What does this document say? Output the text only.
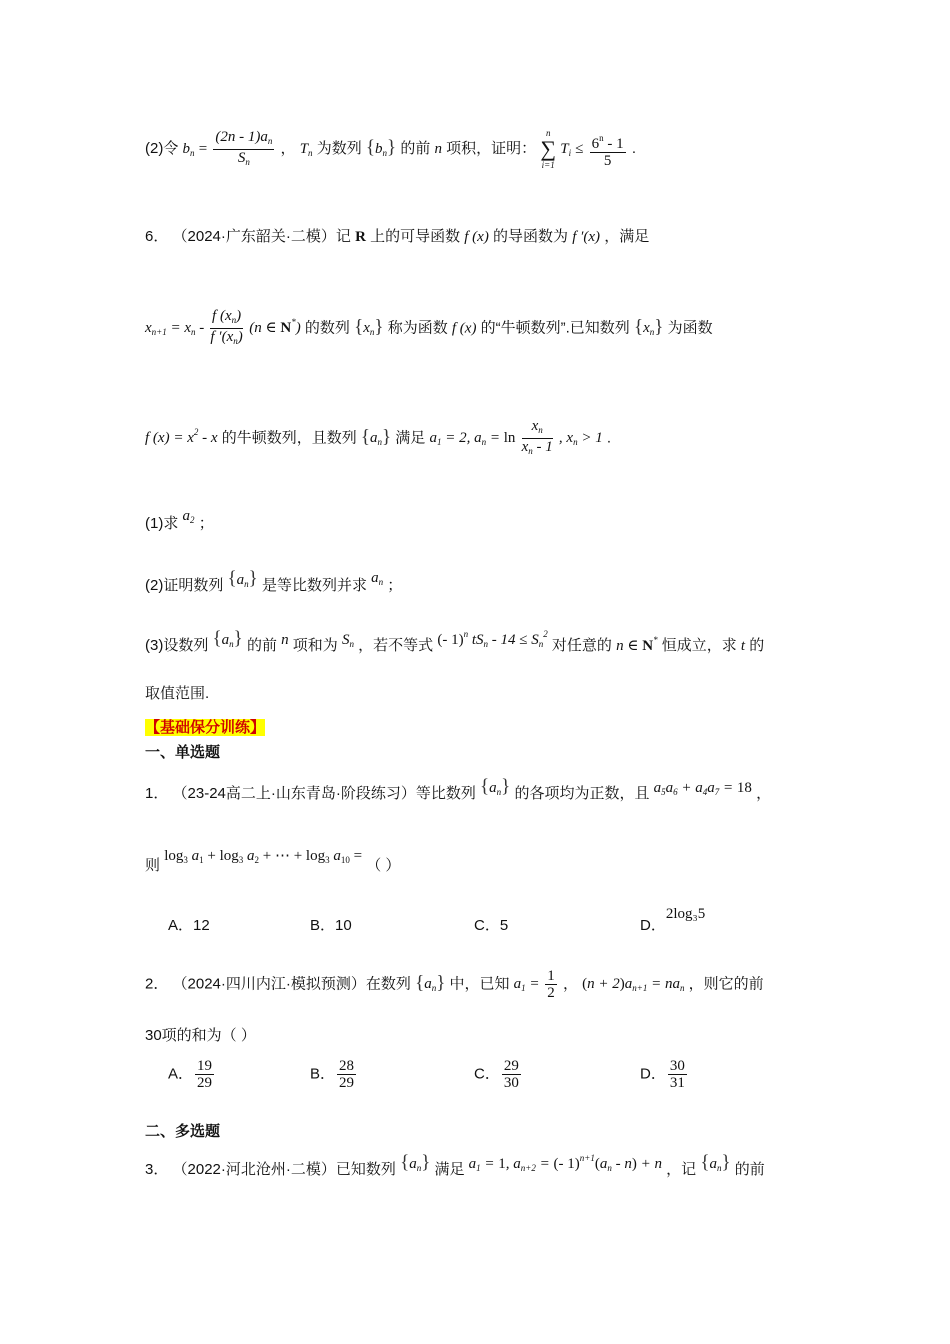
(2)令 $b_n = \frac{(2n - 1)a_n}{S_n}$ ， $T_n$ 为数列 $\{b_n\}$ 的前 n 项积，证明：
n
∑
i=1
$T_i \le \frac{6^n - 1}{5}$ .
6． （2024·广东韶关·二模）记 R 上的可导函数 f (x) 的导函数为 f ′(x) ，满足
$x_{n+1} = x_n - \frac{f (x_n)}{f '(x_n)} (n$ ∈ N*) 的数列 $\{x_n\}$ 称为函数 f (x) 的“牛顿数列”.已知数列 $\{x_n\}$ 为函数
f $(x) = x^2 - x$ 的牛顿数列，且数列 $\{a_n\}$ 满足 $a_1 = 2$, $a_n = \ln \frac{x_n}{x_n - 1}$ , $x_n > 1$ .
(1)求 $a_2$ ；
(2)证明数列 $\{a_n\}$ 是等比数列并求 $a_n$ ；
(3)设数列 $\{a_n\}$ 的前 n 项和为 $S_n$ ，若不等式 (- 1)$^n$ $tS_n - 14 \le S_n^2$ 对任意的 n ∈ N* 恒成立，求 t 的
取值范围.
【基础保分训练】
一、单选题
1． （23-24高二上·山东青岛·阶段练习）等比数列 $\{a_n\}$ 的各项均为正数，且 $a_5a_6 + a_4a_7 = 18$ ，
则 $\log_3 a_1 + \log_3 a_2$ + ⋯ + $\log_3 a_{10}$ = （ ）
A．12	B．10	C．5	D．2log₃5
2． （2024·四川内江·模拟预测）在数列 $\{a_n\}$ 中，已知 $a_1 = \frac{1}{2}$ ， $(n + 2)a_{n+1} = na_n$ ，则它的前
30项的和为（ ）
A． $\frac{19}{29}$	B． $\frac{28}{29}$	C． $\frac{29}{30}$	D． $\frac{30}{31}$
二、多选题
3． （2022·河北沧州·二模）已知数列 $\{a_n\}$ 满足 $a_1 = 1$, $a_{n+2}$ = (- $1)^{n+1}(a_n - n) + n$ ，记 $\{a_n\}$ 的前
